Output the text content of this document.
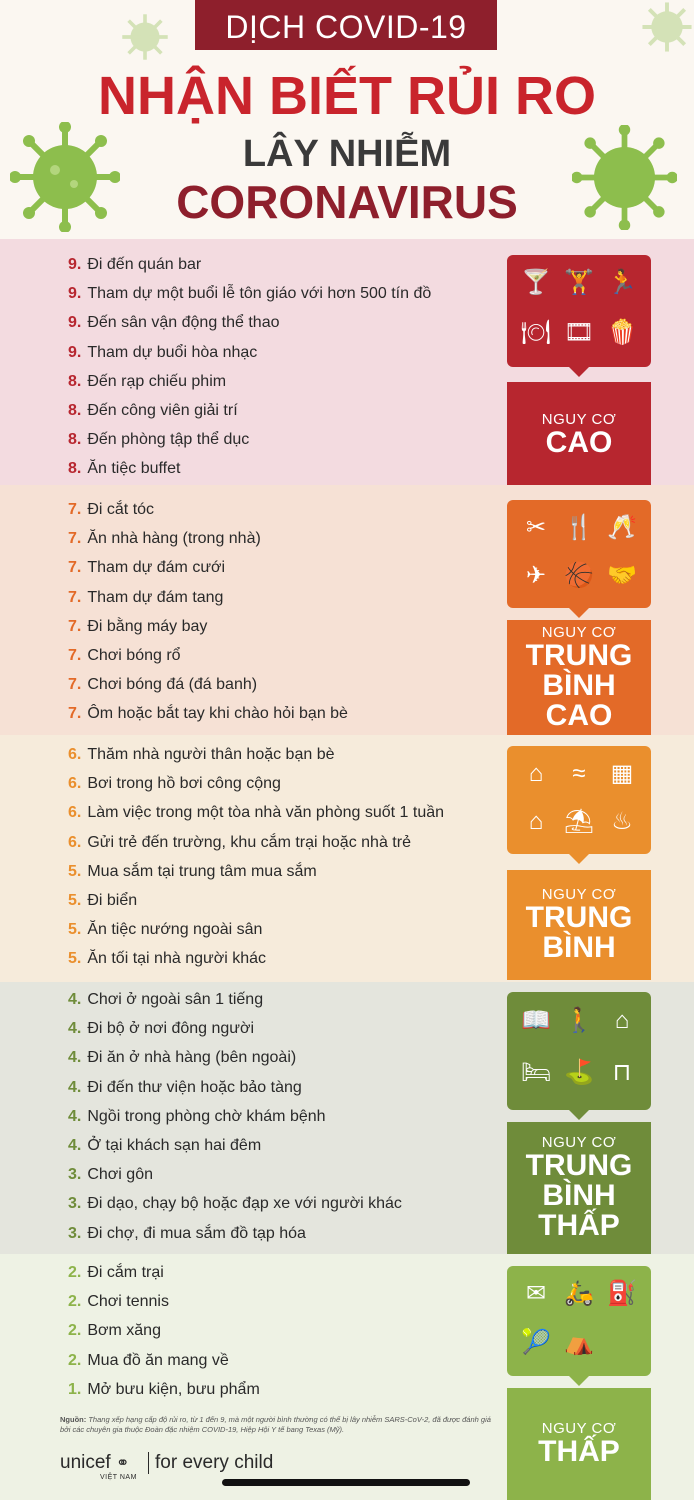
DỊCH COVID-19
NHẬN BIẾT RỦI RO
LÂY NHIỄM
CORONAVIRUS
9. Đi đến quán bar
9. Tham dự một buổi lễ tôn giáo với hơn 500 tín đồ
9. Đến sân vận động thể thao
9. Tham dự buổi hòa nhạc
8. Đến rạp chiếu phim
8. Đến công viên giải trí
8. Đến phòng tập thể dục
8. Ăn tiệc buffet
🍸 🏋 🏃
🍽 🎞 🍿
NGUY CƠ
CAO
7. Đi cắt tóc
7. Ăn nhà hàng (trong nhà)
7. Tham dự đám cưới
7. Tham dự đám tang
7. Đi bằng máy bay
7. Chơi bóng rổ
7. Chơi bóng đá (đá banh)
7. Ôm hoặc bắt tay khi chào hỏi bạn bè
✂ 🍴 🥂
✈ 🏀 🤝
NGUY CƠ
TRUNG
BÌNH
CAO
6. Thăm nhà người thân hoặc bạn bè
6. Bơi trong hồ bơi công cộng
6. Làm việc trong một tòa nhà văn phòng suốt 1 tuần
6. Gửi trẻ đến trường, khu cắm trại hoặc nhà trẻ
5. Mua sắm tại trung tâm mua sắm
5. Đi biển
5. Ăn tiệc nướng ngoài sân
5. Ăn tối tại nhà người khác
⌂	≈	▦
⌂ ⛱ ♨
NGUY CƠ
TRUNG
BÌNH
4. Chơi ở ngoài sân 1 tiếng
4. Đi bộ ở nơi đông người
4. Đi ăn ở nhà hàng (bên ngoài)
4. Đi đến thư viện hoặc bảo tàng
4. Ngồi trong phòng chờ khám bệnh
4. Ở tại khách sạn hai đêm
3. Chơi gôn
3. Đi dạo, chạy bộ hoặc đạp xe với người khác
3. Đi chợ, đi mua sắm đồ tạp hóa
📖 🚶 ⌂
🛏 ⛳ ⊓
NGUY CƠ
TRUNG
BÌNH
THẤP
2. Đi cắm trại
2. Chơi tennis
2. Bơm xăng
2. Mua đồ ăn mang về
1. Mở bưu kiện, bưu phẩm
✉ 🛵 ⛽
🎾 ⛺
NGUY CƠ
THẤP
Nguồn: Thang xếp hạng cấp độ rủi ro, từ 1 đến 9, mà một người bình thường có thể bị lây nhiễm SARS-CoV-2, đã được đánh giá bởi các chuyên gia thuộc Đoàn đặc nhiệm COVID-19, Hiệp Hội Y tế bang Texas (Mỹ).
unicef ⚭
VIỆT NAM
for every child
